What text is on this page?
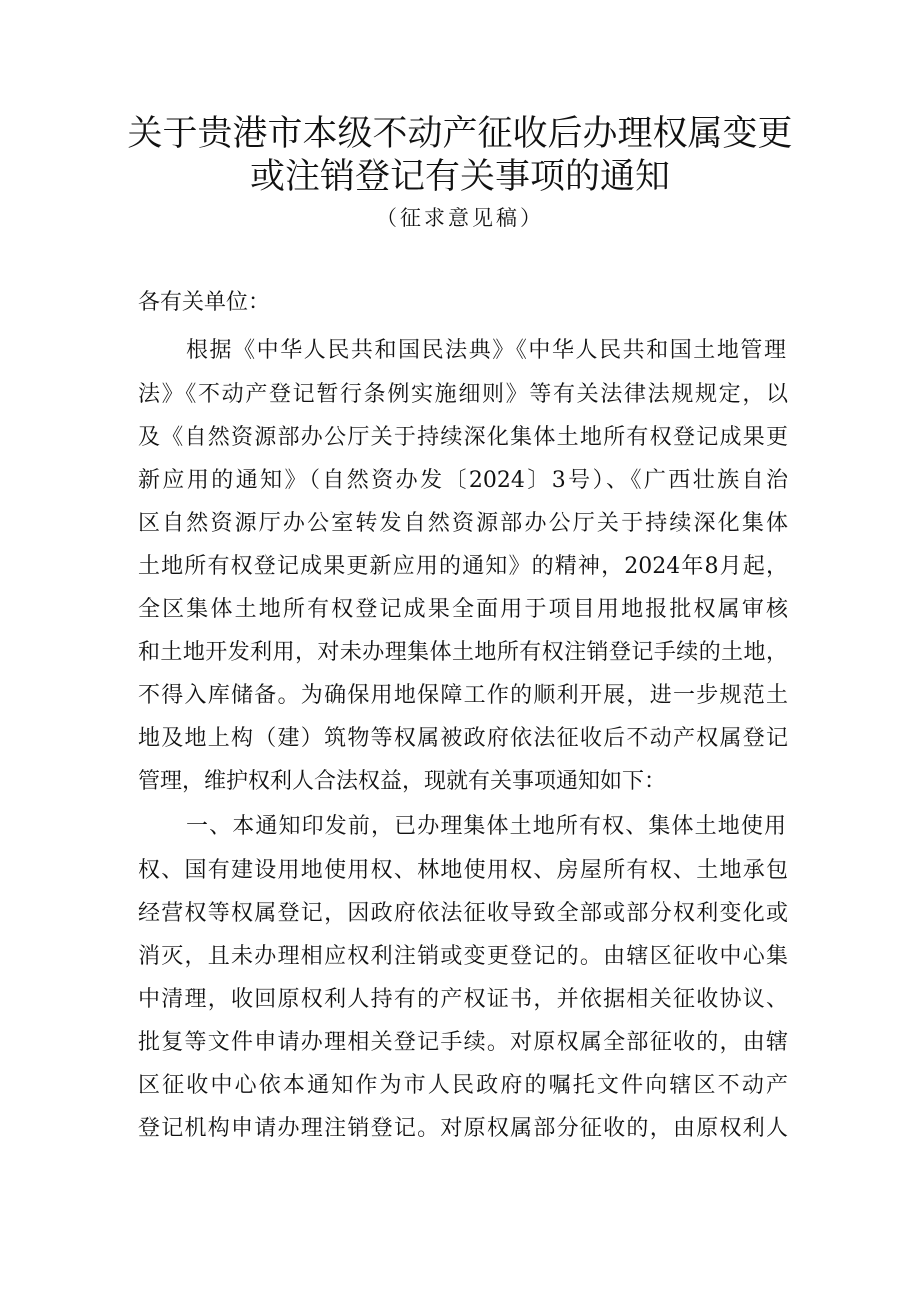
关于贵港市本级不动产征收后办理权属变更
或注销登记有关事项的通知
（征求意见稿）
各有关单位：
根据《中华人民共和国民法典》《中华人民共和国土地管理
法》《不动产登记暂行条例实施细则》等有关法律法规规定，以
及《自然资源部办公厅关于持续深化集体土地所有权登记成果更
新应用的通知》（自然资办发〔2024〕3号）、《广西壮族自治
区自然资源厅办公室转发自然资源部办公厅关于持续深化集体
土地所有权登记成果更新应用的通知》的精神，2024年8月起，
全区集体土地所有权登记成果全面用于项目用地报批权属审核
和土地开发利用，对未办理集体土地所有权注销登记手续的土地，
不得入库储备。为确保用地保障工作的顺利开展，进一步规范土
地及地上构（建）筑物等权属被政府依法征收后不动产权属登记
管理，维护权利人合法权益，现就有关事项通知如下：
一、本通知印发前，已办理集体土地所有权、集体土地使用
权、国有建设用地使用权、林地使用权、房屋所有权、土地承包
经营权等权属登记，因政府依法征收导致全部或部分权利变化或
消灭，且未办理相应权利注销或变更登记的。由辖区征收中心集
中清理，收回原权利人持有的产权证书，并依据相关征收协议、
批复等文件申请办理相关登记手续。对原权属全部征收的，由辖
区征收中心依本通知作为市人民政府的嘱托文件向辖区不动产
登记机构申请办理注销登记。对原权属部分征收的，由原权利人
